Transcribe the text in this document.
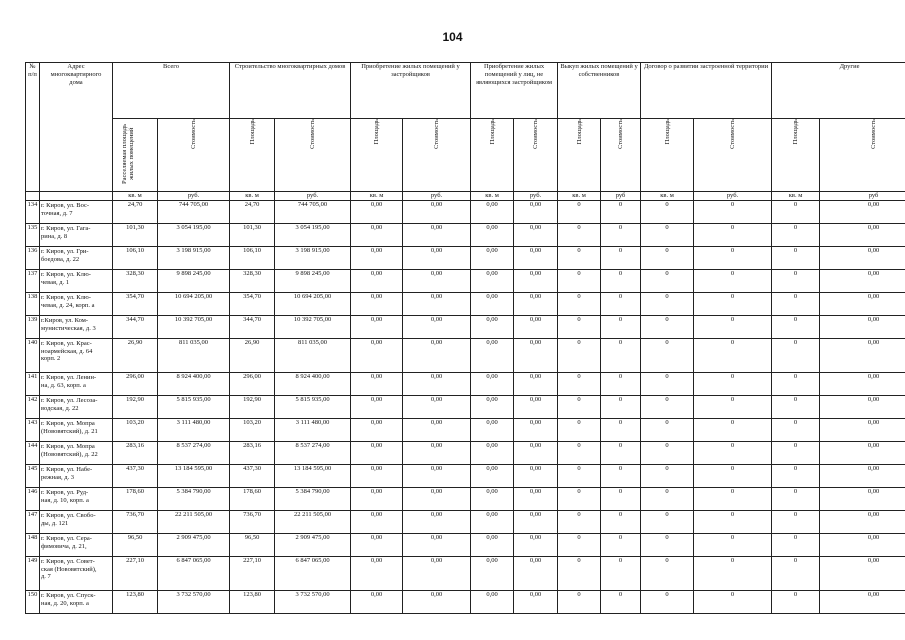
104
№
п/п	Адрес
многоквартирного
дома	Всего		Строительство многоквартирных домов		Приобретение жилых помещений у застройщиков		Приобретение жилых помещений у лиц, не являющихся застройщиком		Выкуп жилых помещений у собственников		Договор о развитии застроенной территории		Другие	
		Расселяемая площадь жилых помещений	Стоимость	Площадь	Стоимость	Площадь	Стоимость	Площадь	Стоимость	Площадь	Стоимость	Площадь	Стоимость	Площадь	Стоимость
		кв. м	руб.	кв. м	руб.	кв. м	руб.	кв. м	руб.	кв. м	руб	кв. м	руб.	кв. м	руб
134	г. Киров, ул. Вос-
точная, д. 7	24,70	744 705,00	24,70	744 705,00	0,00	0,00	0,00	0,00	0	0	0	0	0	0,00
135	г. Киров, ул. Гага-
рина, д. 8	101,30	3 054 195,00	101,30	3 054 195,00	0,00	0,00	0,00	0,00	0	0	0	0	0	0,00
136	г. Киров, ул. Гри-
боедова, д. 22	106,10	3 198 915,00	106,10	3 198 915,00	0,00	0,00	0,00	0,00	0	0	0	0	0	0,00
137	г. Киров, ул. Клю-
чевая, д. 1	328,30	9 898 245,00	328,30	9 898 245,00	0,00	0,00	0,00	0,00	0	0	0	0	0	0,00
138	г. Киров, ул. Клю-
чевая, д. 24, корп. а	354,70	10 694 205,00	354,70	10 694 205,00	0,00	0,00	0,00	0,00	0	0	0	0	0	0,00
139	г.Киров, ул. Ком-
мунистическая, д. 3	344,70	10 392 705,00	344,70	10 392 705,00	0,00	0,00	0,00	0,00	0	0	0	0	0	0,00
140	г. Киров, ул. Крас-
ноармейская, д. 64
корп. 2	26,90	811 035,00	26,90	811 035,00	0,00	0,00	0,00	0,00	0	0	0	0	0	0,00
141	г. Киров, ул. Ленин-
на, д. 63, корп. а	296,00	8 924 400,00	296,00	8 924 400,00	0,00	0,00	0,00	0,00	0	0	0	0	0	0,00
142	г. Киров, ул. Лесоза-
водская, д. 22	192,90	5 815 935,00	192,90	5 815 935,00	0,00	0,00	0,00	0,00	0	0	0	0	0	0,00
143	г. Киров, ул. Мопра
(Нововятский), д. 21	103,20	3 111 480,00	103,20	3 111 480,00	0,00	0,00	0,00	0,00	0	0	0	0	0	0,00
144	г. Киров, ул. Мопра
(Нововятский), д. 22	283,16	8 537 274,00	283,16	8 537 274,00	0,00	0,00	0,00	0,00	0	0	0	0	0	0,00
145	г. Киров, ул. Набе-
режная, д. 3	437,30	13 184 595,00	437,30	13 184 595,00	0,00	0,00	0,00	0,00	0	0	0	0	0	0,00
146	г. Киров, ул. Руд-
ная, д. 10, корп. а	178,60	5 384 790,00	178,60	5 384 790,00	0,00	0,00	0,00	0,00	0	0	0	0	0	0,00
147	г. Киров, ул. Свобо-
ды, д. 121	736,70	22 211 505,00	736,70	22 211 505,00	0,00	0,00	0,00	0,00	0	0	0	0	0	0,00
148	г. Киров, ул. Серa-
фимовича, д. 21,	96,50	2 909 475,00	96,50	2 909 475,00	0,00	0,00	0,00	0,00	0	0	0	0	0	0,00
149	г. Киров, ул. Совет-
ская (Нововятский),
д. 7	227,10	6 847 065,00	227,10	6 847 065,00	0,00	0,00	0,00	0,00	0	0	0	0	0	0,00
150	г. Киров, ул. Спуск-
ная, д. 20, корп. а	123,80	3 732 570,00	123,80	3 732 570,00	0,00	0,00	0,00	0,00	0	0	0	0	0	0,00
